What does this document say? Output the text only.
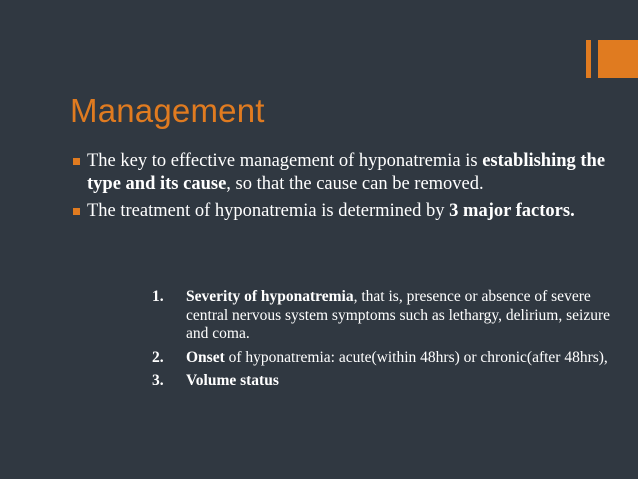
Management
The key to effective management of hyponatremia is establishing the type and its cause, so that the cause can be removed.
The treatment of hyponatremia is determined by 3 major factors.
1. Severity of hyponatremia, that is, presence or absence of severe central nervous system symptoms such as lethargy, delirium, seizure and coma.
2. Onset of hyponatremia: acute(within 48hrs) or chronic(after 48hrs),
3. Volume status
